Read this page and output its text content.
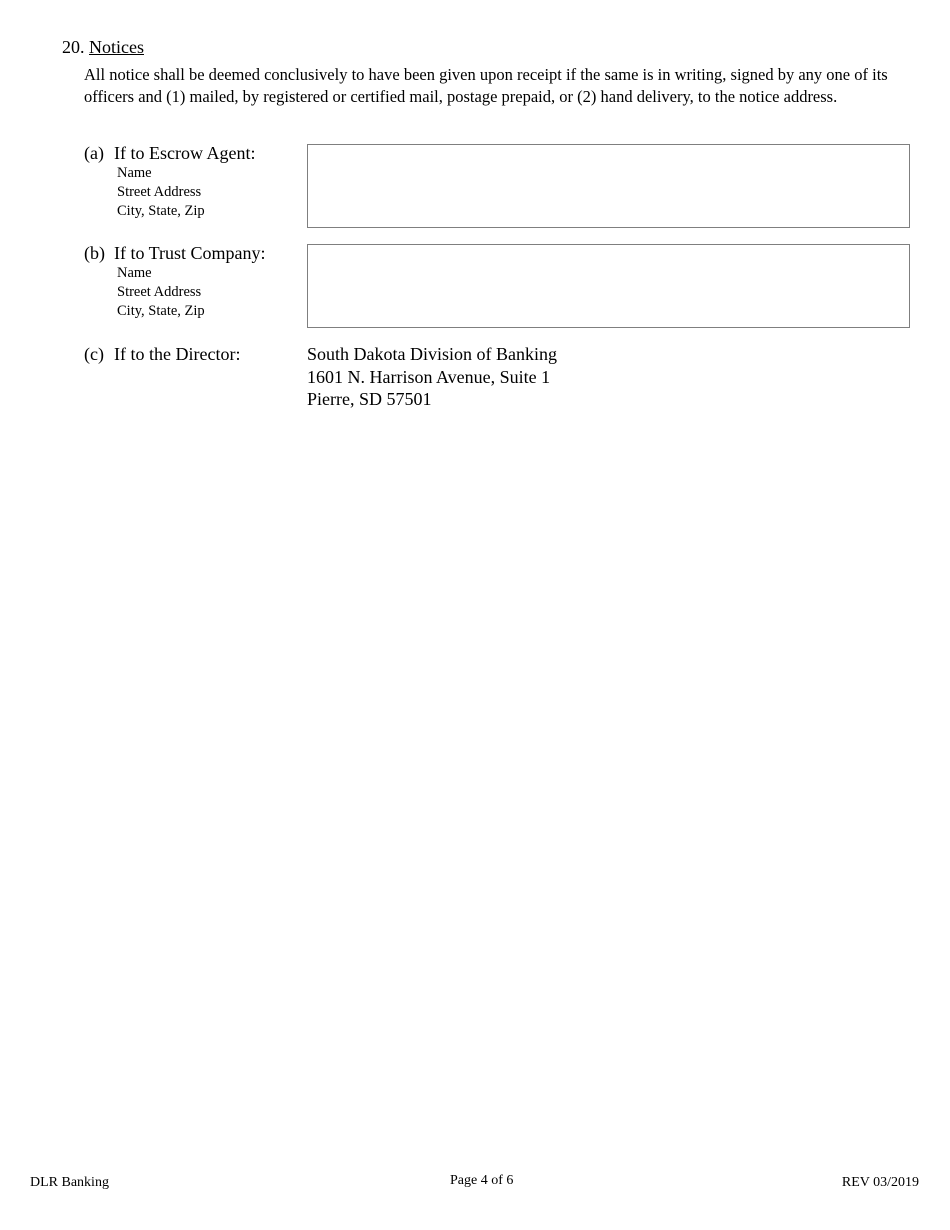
20. Notices
All notice shall be deemed conclusively to have been given upon receipt if the same is in writing, signed by any one of its officers and (1) mailed, by registered or certified mail, postage prepaid, or (2) hand delivery, to the notice address.
(a) If to Escrow Agent:
Name
Street Address
City, State, Zip
(b) If to Trust Company:
Name
Street Address
City, State, Zip
(c) If to the Director:	South Dakota Division of Banking
1601 N. Harrison Avenue, Suite 1
Pierre, SD 57501
DLR Banking	Page 4 of 6	REV 03/2019
